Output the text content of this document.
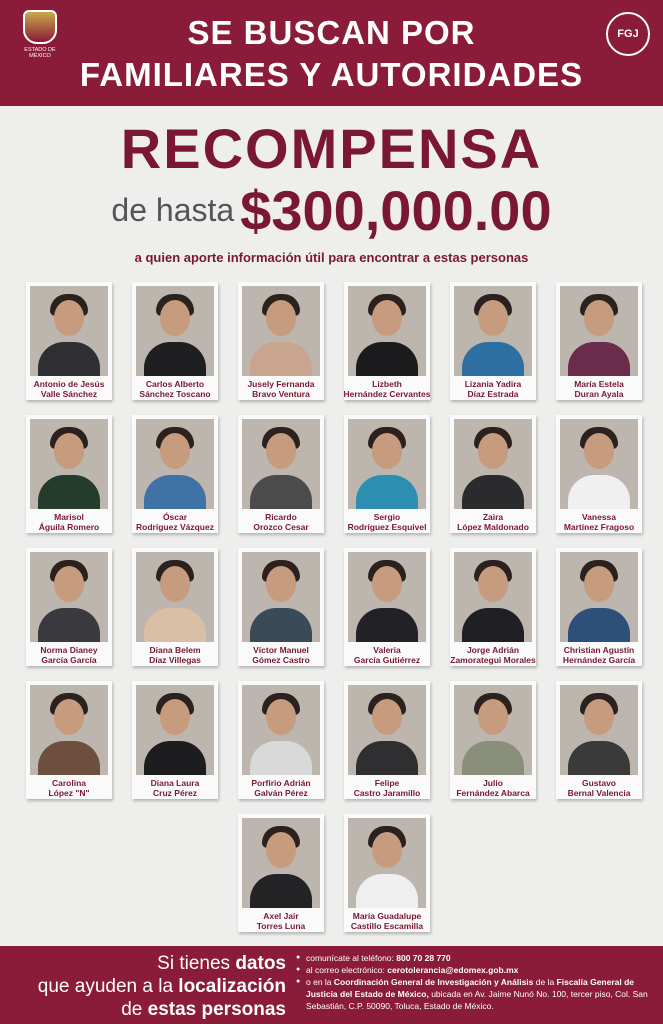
ESTADO DE MÉXICO
SE BUSCAN POR
FAMILIARES Y AUTORIDADES
FGJ
RECOMPENSA
de hasta $300,000.00
a quien aporte información útil para encontrar a estas personas
Antonio de Jesús
Valle Sánchez
Carlos Alberto
Sánchez Toscano
Jusely Fernanda
Bravo Ventura
Lizbeth
Hernández Cervantes
Lizania Yadira
Díaz Estrada
María Estela
Duran Ayala
Marisol
Águila Romero
Óscar
Rodríguez Vázquez
Ricardo
Orozco Cesar
Sergio
Rodríguez Esquivel
Zaira
López Maldonado
Vanessa
Martínez Fragoso
Norma Dianey
García García
Diana Belem
Díaz Villegas
Víctor Manuel
Gómez Castro
Valeria
García Gutiérrez
Jorge Adrián
Zamorategui Morales
Christian Agustín
Hernández García
Carolina
López "N"
Diana Laura
Cruz Pérez
Porfirio Adrián
Galván Pérez
Felipe
Castro Jaramillo
Julio
Fernández Abarca
Gustavo
Bernal Valencia
Axel Jair
Torres Luna
María Guadalupe
Castillo Escamilla
Si tienes datos
que ayuden a la localización
de estas personas
● comunícate al teléfono: 800 70 28 770
● al correo electrónico: cerotolerancia@edomex.gob.mx
● o en la Coordinación General de Investigación y Análisis de la Fiscalía General de Justicia del Estado de México, ubicada en Av. Jaime Nunó No. 100, tercer piso, Col. San Sebastián, C.P. 50090, Toluca, Estado de México.
